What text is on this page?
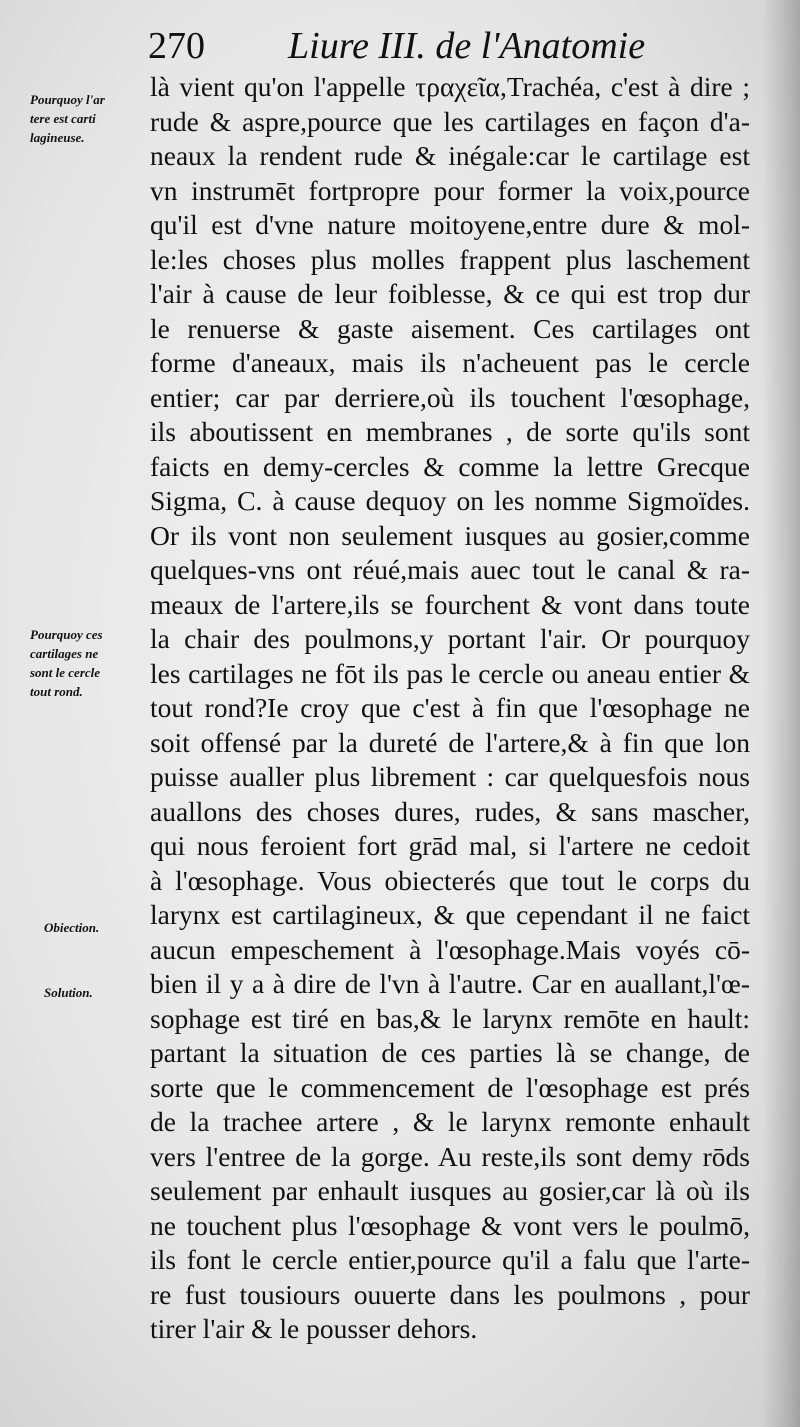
270 Liure III. de l'Anatomie
Pourquoy l'ar
tere est carti
lagineuse.
Pourquoy ces
cartilages ne
sont le cercle
tout rond.
Obiection.
Solution.
là vient qu'on l'appelle τραχεῖα,Trachéa, c'est à dire ;
rude & aspre,pource que les cartilages en façon d'a-
neaux la rendent rude & inégale:car le cartilage est
vn instrumēt fortpropre pour former la voix,pource
qu'il est d'vne nature moitoyene,entre dure & mol-
le:les choses plus molles frappent plus laschement
l'air à cause de leur foiblesse, & ce qui est trop dur
le renuerse & gaste aisement. Ces cartilages ont
forme d'aneaux, mais ils n'acheuent pas le cercle
entier; car par derriere,où ils touchent l'œsophage,
ils aboutissent en membranes , de sorte qu'ils sont
faicts en demy-cercles & comme la lettre Grecque
Sigma, Ϲ. à cause dequoy on les nomme Sigmoïdes.
Or ils vont non seulement iusques au gosier,comme
quelques-vns ont réué,mais auec tout le canal & ra-
meaux de l'artere,ils se fourchent & vont dans toute
la chair des poulmons,y portant l'air. Or pourquoy
les cartilages ne fōt ils pas le cercle ou aneau entier &
tout rond?Ie croy que c'est à fin que l'œsophage ne
soit offensé par la dureté de l'artere,& à fin que lon
puisse aualler plus librement : car quelquesfois nous
auallons des choses dures, rudes, & sans mascher,
qui nous feroient fort grād mal, si l'artere ne cedoit
à l'œsophage. Vous obiecterés que tout le corps du
larynx est cartilagineux, & que cependant il ne faict
aucun empeschement à l'œsophage.Mais voyés cō-
bien il y a à dire de l'vn à l'autre. Car en auallant,l'œ-
sophage est tiré en bas,& le larynx remōte en hault:
partant la situation de ces parties là se change, de
sorte que le commencement de l'œsophage est prés
de la trachee artere , & le larynx remonte enhault
vers l'entree de la gorge. Au reste,ils sont demy rōds
seulement par enhault iusques au gosier,car là où ils
ne touchent plus l'œsophage & vont vers le poulmō,
ils font le cercle entier,pource qu'il a falu que l'arte-
re fust tousiours ouuerte dans les poulmons , pour
tirer l'air & le pousser dehors.
